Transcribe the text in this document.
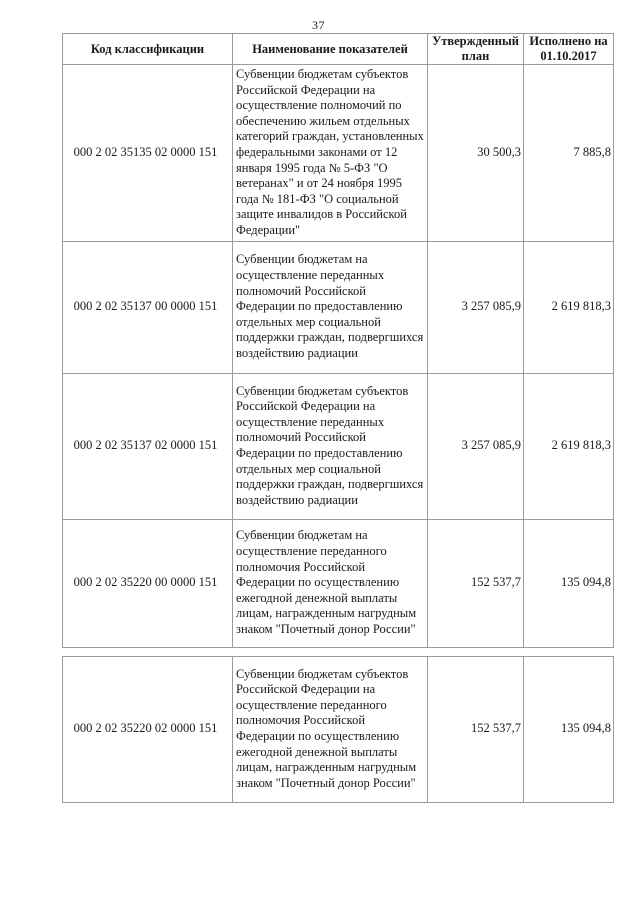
37
Код классификации	Наименование показателей	Утвержденный план	Исполнено на 01.10.2017
000 2 02 35135 02 0000 151	Субвенции бюджетам субъектов Российской Федерации на осуществление полномочий по обеспечению жильем отдельных категорий граждан, установленных федеральными законами от 12 января 1995 года № 5-ФЗ "О ветеранах" и от 24 ноября 1995 года № 181-ФЗ "О социальной защите инвалидов в Российской Федерации"	30 500,3	7 885,8
000 2 02 35137 00 0000 151	Субвенции бюджетам на осуществление переданных полномочий Российской Федерации по предоставлению отдельных мер социальной поддержки граждан, подвергшихся воздействию радиации	3 257 085,9	2 619 818,3
000 2 02 35137 02 0000 151	Субвенции бюджетам субъектов Российской Федерации на осуществление переданных полномочий Российской Федерации по предоставлению отдельных мер социальной поддержки граждан, подвергшихся воздействию радиации	3 257 085,9	2 619 818,3
000 2 02 35220 00 0000 151	Субвенции бюджетам на осуществление переданного полномочия Российской Федерации по осуществлению ежегодной денежной выплаты лицам, награжденным нагрудным знаком "Почетный донор России"	152 537,7	135 094,8

000 2 02 35220 02 0000 151	Субвенции бюджетам субъектов Российской Федерации на осуществление переданного полномочия Российской Федерации по осуществлению ежегодной денежной выплаты лицам, награжденным нагрудным знаком "Почетный донор России"	152 537,7	135 094,8
